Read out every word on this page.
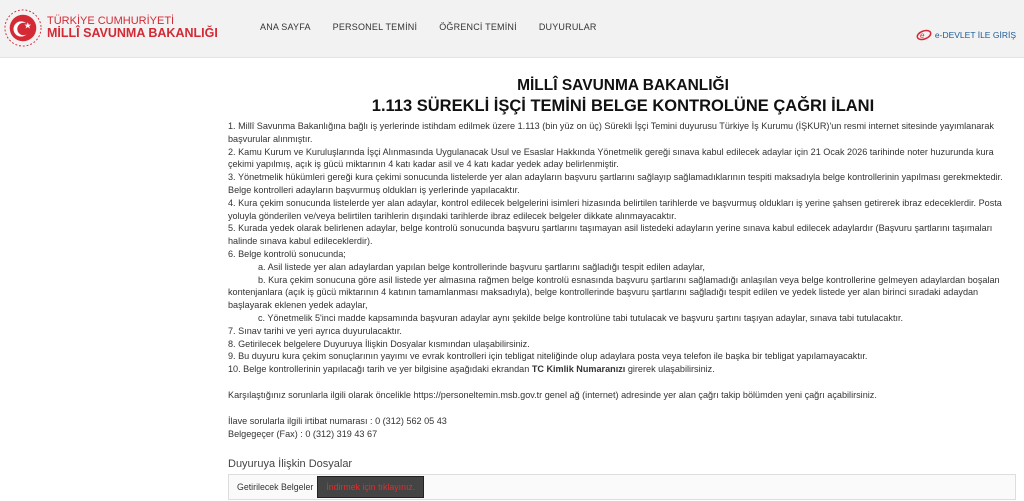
TÜRKİYE CUMHURİYETİ
MİLLÎ SAVUNMA BAKANLIĞI	ANA SAYFA PERSONEL TEMİNİ ÖĞRENCİ TEMİNİ DUYURULAR
e e-DEVLET İLE GİRİŞ
MİLLÎ SAVUNMA BAKANLIĞI
1.113 SÜREKLİ İŞÇİ TEMİNİ BELGE KONTROLÜNE ÇAĞRI İLANI

1. Millî Savunma Bakanlığına bağlı iş yerlerinde istihdam edilmek üzere 1.113 (bin yüz on üç) Sürekli İşçi Temini duyurusu Türkiye İş Kurumu (İŞKUR)'un resmi internet sitesinde yayımlanarak başvurular alınmıştır.

2. Kamu Kurum ve Kuruluşlarında İşçi Alınmasında Uygulanacak Usul ve Esaslar Hakkında Yönetmelik gereği sınava kabul edilecek adaylar için 21 Ocak 2026 tarihinde noter huzurunda kura çekimi yapılmış, açık iş gücü miktarının 4 katı kadar asil ve 4 katı kadar yedek aday belirlenmiştir.

3. Yönetmelik hükümleri gereği kura çekimi sonucunda listelerde yer alan adayların başvuru şartlarını sağlayıp sağlamadıklarının tespiti maksadıyla belge kontrollerinin yapılması gerekmektedir. Belge kontrolleri adayların başvurmuş oldukları iş yerlerinde yapılacaktır.

4. Kura çekim sonucunda listelerde yer alan adaylar, kontrol edilecek belgelerini isimleri hizasında belirtilen tarihlerde ve başvurmuş oldukları iş yerine şahsen getirerek ibraz edeceklerdir. Posta yoluyla gönderilen ve/veya belirtilen tarihlerin dışındaki tarihlerde ibraz edilecek belgeler dikkate alınmayacaktır.

5. Kurada yedek olarak belirlenen adaylar, belge kontrolü sonucunda başvuru şartlarını taşımayan asil listedeki adayların yerine sınava kabul edilecek adaylardır (Başvuru şartlarını taşımaları halinde sınava kabul edileceklerdir).

6. Belge kontrolü sonucunda;

a. Asil listede yer alan adaylardan yapılan belge kontrollerinde başvuru şartlarını sağladığı tespit edilen adaylar,

b. Kura çekim sonucuna göre asil listede yer almasına rağmen belge kontrolü esnasında başvuru şartlarını sağlamadığı anlaşılan veya belge kontrollerine gelmeyen adaylardan boşalan kontenjanlara (açık iş gücü miktarının 4 katının tamamlanması maksadıyla), belge kontrollerinde başvuru şartlarını sağladığı tespit edilen ve yedek listede yer alan birinci sıradaki adaydan başlayarak eklenen yedek adaylar,

c. Yönetmelik 5'inci madde kapsamında başvuran adaylar aynı şekilde belge kontrolüne tabi tutulacak ve başvuru şartını taşıyan adaylar, sınava tabi tutulacaktır.

7. Sınav tarihi ve yeri ayrıca duyurulacaktır.

8. Getirilecek belgelere Duyuruya İlişkin Dosyalar kısmından ulaşabilirsiniz.

9. Bu duyuru kura çekim sonuçlarının yayımı ve evrak kontrolleri için tebligat niteliğinde olup adaylara posta veya telefon ile başka bir tebligat yapılamayacaktır.

10. Belge kontrollerinin yapılacağı tarih ve yer bilgisine aşağıdaki ekrandan TC Kimlik Numaranızı girerek ulaşabilirsiniz.

Karşılaştığınız sorunlarla ilgili olarak öncelikle https://personeltemin.msb.gov.tr genel ağ (internet) adresinde yer alan çağrı takip bölümden yeni çağrı açabilirsiniz.

İlave sorularla ilgili irtibat numarası : 0 (312) 562 05 43

Belgegeçer (Fax) : 0 (312) 319 43 67

Duyuruya İlişkin Dosyalar
Getirilecek Belgeler	İndirmek için tıklayınız.
